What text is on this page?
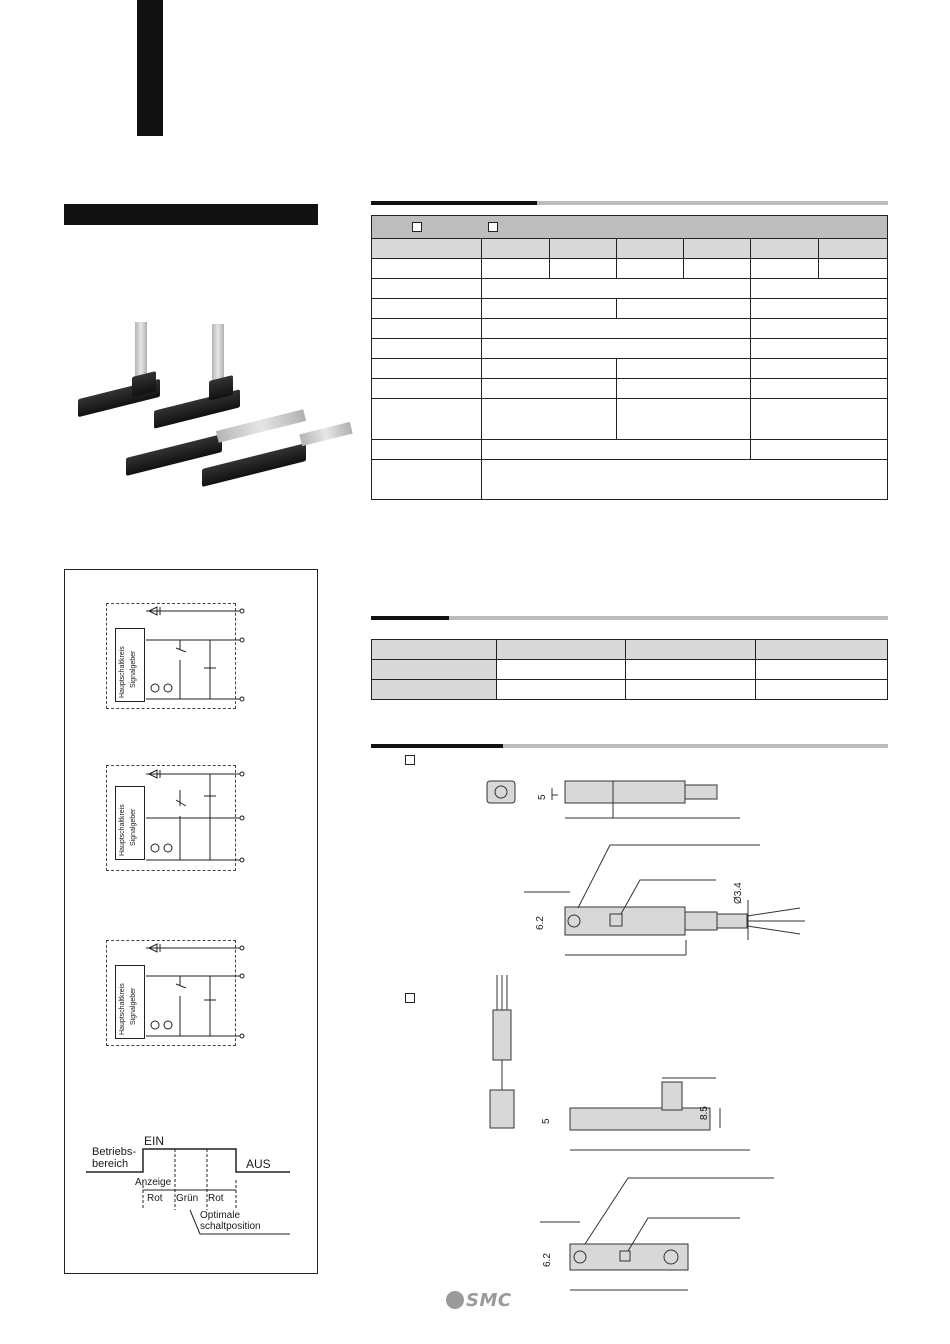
Hauptschaltkreis Signalgeber
Hauptschaltkreis Signalgeber
Hauptschaltkreis Signalgeber
EIN
AUS
Betriebs-
bereich
Anzeige
Rot Grün Rot
Optimale
schaltposition
5
Ø3.4
6.2
5
8.5
6.2
SMC
